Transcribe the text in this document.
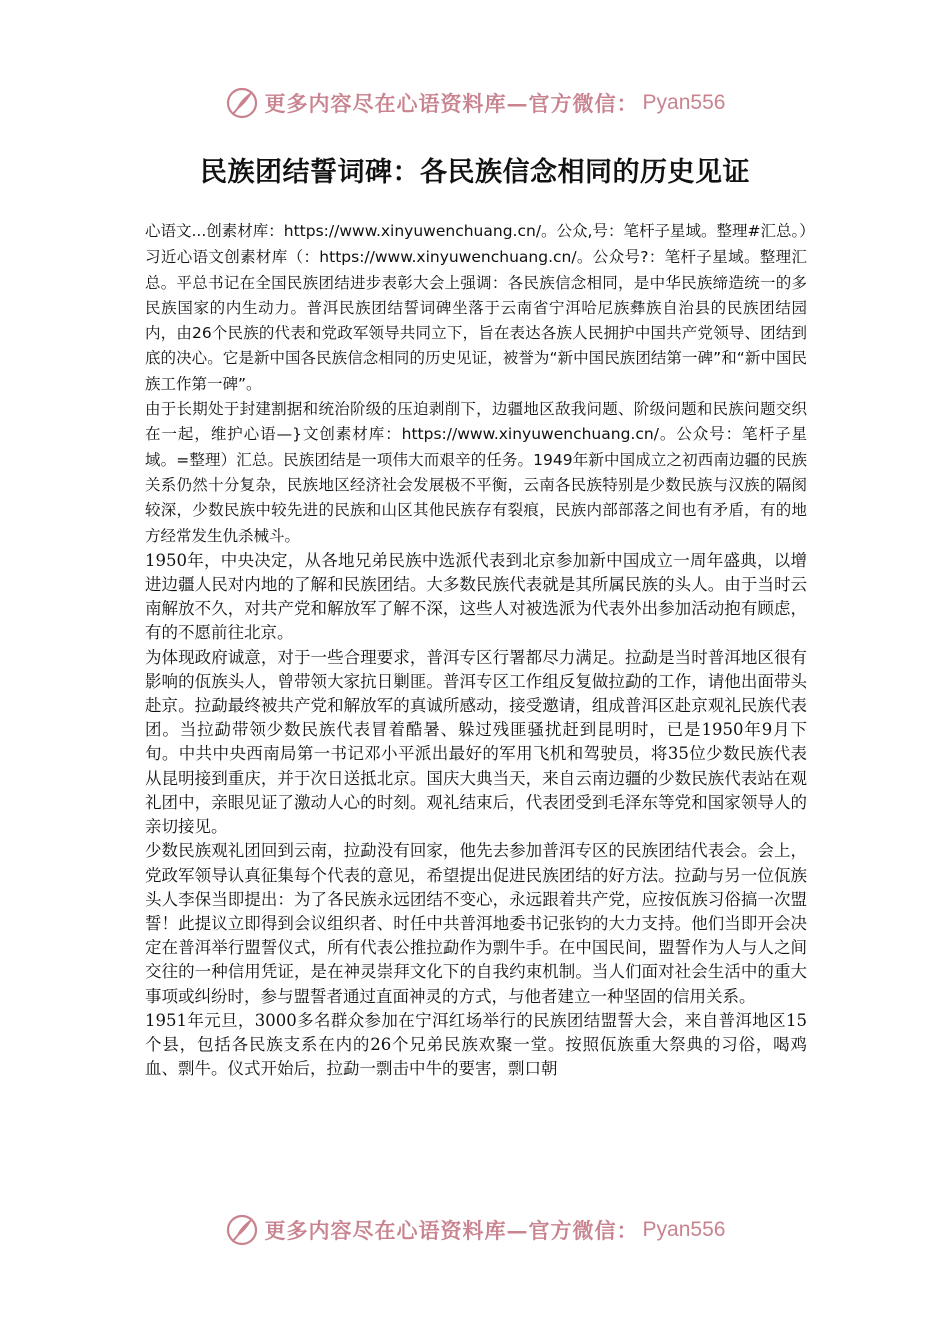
更多内容尽在心语资料库—官方微信： Pyan556
民族团结誓词碑：各民族信念相同的历史见证

心语文...创素材库：https://www.xinyuwenchuang.cn/。公众,号：笔杆子星域。整理#汇总。）

习近心语文创素材库（：https://www.xinyuwenchuang.cn/。公众号?：笔杆子星域。整理汇总。平总书记在全国民族团结进步表彰大会上强调：各民族信念相同，是中华民族缔造统一的多民族国家的内生动力。普洱民族团结誓词碑坐落于云南省宁洱哈尼族彝族自治县的民族团结园内，由26个民族的代表和党政军领导共同立下，旨在表达各族人民拥护中国共产党领导、团结到底的决心。它是新中国各民族信念相同的历史见证，被誉为“新中国民族团结第一碑”和“新中国民族工作第一碑”。

由于长期处于封建割据和统治阶级的压迫剥削下，边疆地区敌我问题、阶级问题和民族问题交织在一起，维护心语—}文创素材库：https://www.xinyuwenchuang.cn/。公众号：笔杆子星域。=整理）汇总。民族团结是一项伟大而艰辛的任务。1949年新中国成立之初西南边疆的民族关系仍然十分复杂，民族地区经济社会发展极不平衡，云南各民族特别是少数民族与汉族的隔阂较深，少数民族中较先进的民族和山区其他民族存有裂痕，民族内部部落之间也有矛盾，有的地方经常发生仇杀械斗。

1950年，中央决定，从各地兄弟民族中选派代表到北京参加新中国成立一周年盛典，以增进边疆人民对内地的了解和民族团结。大多数民族代表就是其所属民族的头人。由于当时云南解放不久，对共产党和解放军了解不深，这些人对被选派为代表外出参加活动抱有顾虑，有的不愿前往北京。

为体现政府诚意，对于一些合理要求，普洱专区行署都尽力满足。拉勐是当时普洱地区很有影响的佤族头人，曾带领大家抗日剿匪。普洱专区工作组反复做拉勐的工作，请他出面带头赴京。拉勐最终被共产党和解放军的真诚所感动，接受邀请，组成普洱区赴京观礼民族代表团。当拉勐带领少数民族代表冒着酷暑、躲过残匪骚扰赶到昆明时，已是1950年9月下旬。中共中央西南局第一书记邓小平派出最好的军用飞机和驾驶员，将35位少数民族代表从昆明接到重庆，并于次日送抵北京。国庆大典当天，来自云南边疆的少数民族代表站在观礼团中，亲眼见证了激动人心的时刻。观礼结束后，代表团受到毛泽东等党和国家领导人的亲切接见。

少数民族观礼团回到云南，拉勐没有回家，他先去参加普洱专区的民族团结代表会。会上，党政军领导认真征集每个代表的意见，希望提出促进民族团结的好方法。拉勐与另一位佤族头人李保当即提出：为了各民族永远团结不变心，永远跟着共产党，应按佤族习俗搞一次盟誓！此提议立即得到会议组织者、时任中共普洱地委书记张钧的大力支持。他们当即开会决定在普洱举行盟誓仪式，所有代表公推拉勐作为剽牛手。在中国民间，盟誓作为人与人之间交往的一种信用凭证，是在神灵崇拜文化下的自我约束机制。当人们面对社会生活中的重大事项或纠纷时，参与盟誓者通过直面神灵的方式，与他者建立一种坚固的信用关系。

1951年元旦，3000多名群众参加在宁洱红场举行的民族团结盟誓大会，来自普洱地区15个县，包括各民族支系在内的26个兄弟民族欢聚一堂。按照佤族重大祭典的习俗，喝鸡血、剽牛。仪式开始后，拉勐一剽击中牛的要害，剽口朝

更多内容尽在心语资料库—官方微信： Pyan556
